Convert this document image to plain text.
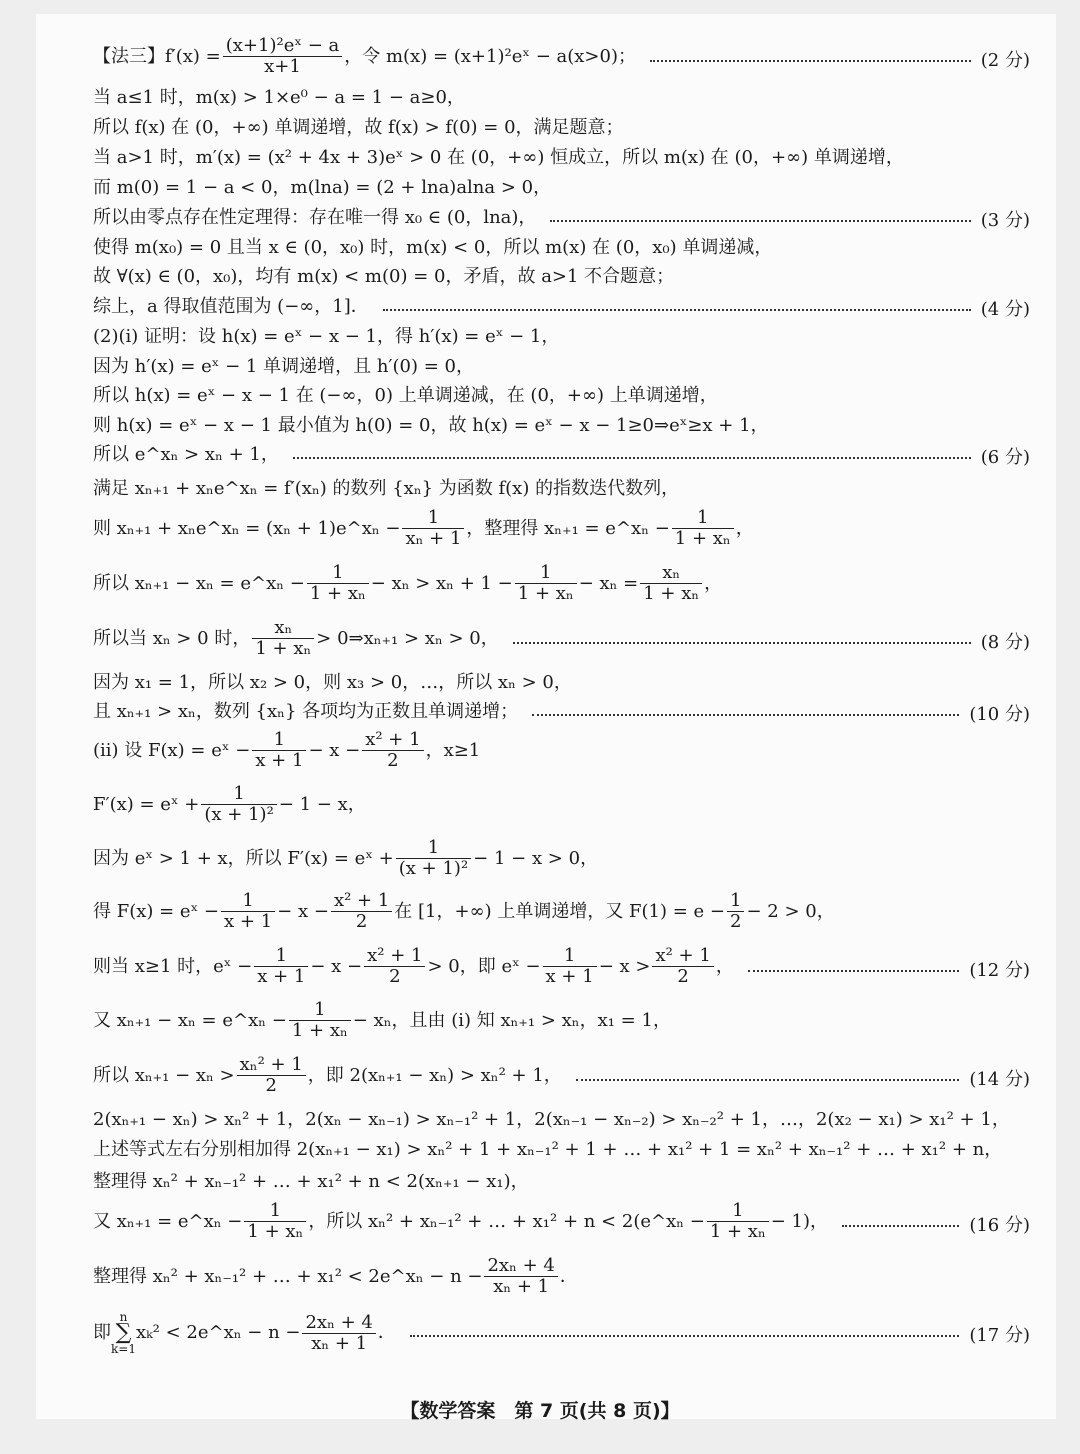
【法三】$f'(x) = \frac{\text{(x+1)²eˣ − a}}{x+1}$ ，令 m(x) = (x+1)²eˣ − a(x>0)；	(2 分)
当 a≤1 时，m(x) > 1×e⁰ − a = 1 − a≥0，
所以 f(x) 在 (0，+∞) 单调递增，故 f(x) > f(0) = 0，满足题意；
当 a>1 时，m′(x) = (x² + 4x + 3)eˣ > 0 在 (0，+∞) 恒成立，所以 m(x) 在 (0，+∞) 单调递增，
而 m(0) = 1 − a < 0，m(lna) = (2 + lna)alna > 0，
所以由零点存在性定理得：存在唯一得 x₀ ∈ (0，lna)，	(3 分)
使得 m(x₀) = 0 且当 x ∈ (0，x₀) 时，m(x) < 0，所以 m(x) 在 (0，x₀) 单调递减，
故 ∀(x) ∈ (0，x₀)，均有 m(x) < m(0) = 0，矛盾，故 a>1 不合题意；
综上，a 得取值范围为 (−∞，1]．	(4 分)
(2)(ⅰ) 证明：设 h(x) = eˣ − x − 1，得 h′(x) = eˣ − 1，
因为 h′(x) = eˣ − 1 单调递增，且 h′(0) = 0，
所以 h(x) = eˣ − x − 1 在 (−∞，0) 上单调递减，在 (0，+∞) 上单调递增，
则 h(x) = eˣ − x − 1 最小值为 h(0) = 0，故 h(x) = eˣ − x − 1≥0⇒eˣ≥x + 1，
所以 e^xₙ > xₙ + 1，	(6 分)
满足 xₙ₊₁ + xₙe^xₙ = f′(xₙ) 的数列 {xₙ} 为函数 f(x) 的指数迭代数列，
则 xₙ₊₁ + xₙe^xₙ = (xₙ + 1)e^xₙ − $\frac{1}{\text{xₙ + 1}}$ ，整理得 xₙ₊₁ = e^xₙ − $\frac{1}{\text{1 + xₙ}}$ ，
所以 xₙ₊₁ − xₙ = e^xₙ − $\frac{1}{\text{1 + xₙ}} - x_n > x_n + 1 - \frac{1}{\text{1 + xₙ}} - x_n = \frac{\text{xₙ}}{\text{1 + xₙ}}$ ，
所以当 xₙ > 0 时， $\frac{\text{xₙ}}{\text{1 + xₙ}}$ > 0⇒xₙ₊₁ > xₙ > 0，	(8 分)
因为 x₁ = 1，所以 x₂ > 0，则 x₃ > 0，…，所以 xₙ > 0，
且 xₙ₊₁ > xₙ，数列 {xₙ} 各项均为正数且单调递增；	(10 分)
(ⅱ) 设 F(x) = eˣ − $\frac{1}{x + 1} - x - \frac{\text{x² + 1}}{2}$ ，x≥1
F′(x) = eˣ + $\frac{1}{\text{(x + 1)²}} - 1 - x$，
因为 eˣ > 1 + x，所以 F′(x) = eˣ + $\frac{1}{\text{(x + 1)²}} - 1 - x > 0$，
得 F(x) = eˣ − $\frac{1}{x + 1} - x - \frac{\text{x² + 1}}{2}$ 在 [1，+∞) 上单调递增，又 $F(1) = e - \frac{1}{2} - 2 > 0$，
则当 x≥1 时，eˣ − $\frac{1}{x + 1} - x - \frac{\text{x² + 1}}{2} > 0$，即 eˣ − $\frac{1}{x + 1} - x > \frac{\text{x² + 1}}{2}$ ，	(12 分)
又 xₙ₊₁ − xₙ = e^xₙ − $\frac{1}{\text{1 + xₙ}} - x_n$，且由 (ⅰ) 知 xₙ₊₁ > xₙ，x₁ = 1，
所以 $x_{n+1} - x_n > \frac{\text{xₙ² + 1}}{2}$ ，即 2(xₙ₊₁ − xₙ) > xₙ² + 1，	(14 分)
2(xₙ₊₁ − xₙ) > xₙ² + 1，2(xₙ − xₙ₋₁) > xₙ₋₁² + 1，2(xₙ₋₁ − xₙ₋₂) > xₙ₋₂² + 1，…，2(x₂ − x₁) > x₁² + 1，
上述等式左右分别相加得 2(xₙ₊₁ − x₁) > xₙ² + 1 + xₙ₋₁² + 1 + … + x₁² + 1 = xₙ² + xₙ₋₁² + … + x₁² + n，
整理得 xₙ² + xₙ₋₁² + … + x₁² + n < 2(xₙ₊₁ − x₁)，
又 xₙ₊₁ = e^xₙ − $\frac{1}{\text{1 + xₙ}}$ ，所以 xₙ² + xₙ₋₁² + … + x₁² + n < 2(e^xₙ − $\frac{1}{\text{1 + xₙ}} - 1$)，	(16 分)
整理得 xₙ² + xₙ₋₁² + … + x₁² < 2e^xₙ − $n - \frac{\text{2xₙ + 4}}{\text{xₙ + 1}}$ ．
即
n
∑
k=1
xₖ² < 2e^xₙ − $n - \frac{\text{2xₙ + 4}}{\text{xₙ + 1}}$ ．	(17 分)
【数学答案　第 7 页(共 8 页)】
